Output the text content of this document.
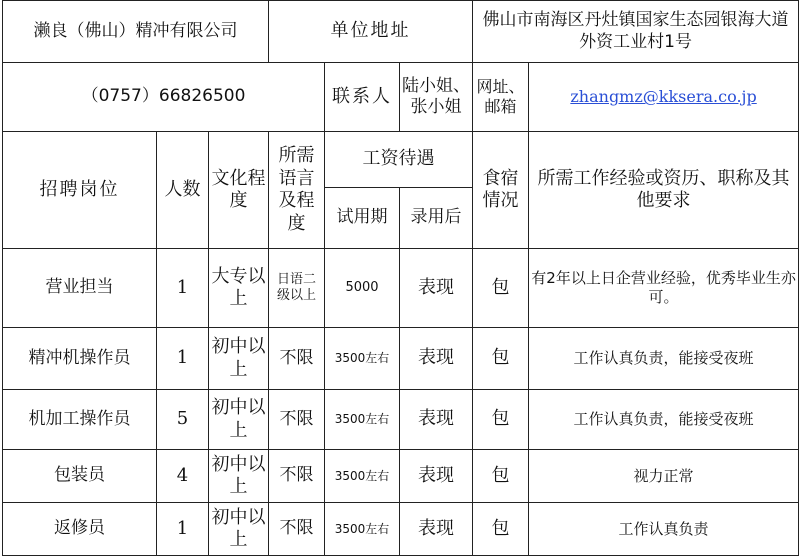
濑良（佛山）精冲有限公司			单位地址			佛山市南海区丹灶镇国家生态园银海大道外资工业村1号	
（0757）66826500				联系人	陆小姐、张小姐	网址、邮箱	zhangmz@kksera.co.jp
招聘岗位	人数	文化程度	所需语言及程度	工资待遇		食宿情况	所需工作经验或资历、职称及其他要求
				试用期	录用后		
营业担当	1	大专以上	日语二级以上	5000	表现	包	有2年以上日企营业经验，优秀毕业生亦可。
精冲机操作员	1	初中以上	不限	3500左右	表现	包	工作认真负责，能接受夜班
机加工操作员	5	初中以上	不限	3500左右	表现	包	工作认真负责，能接受夜班
包装员	4	初中以上	不限	3500左右	表现	包	视力正常
返修员	1	初中以上	不限	3500左右	表现	包	工作认真负责
